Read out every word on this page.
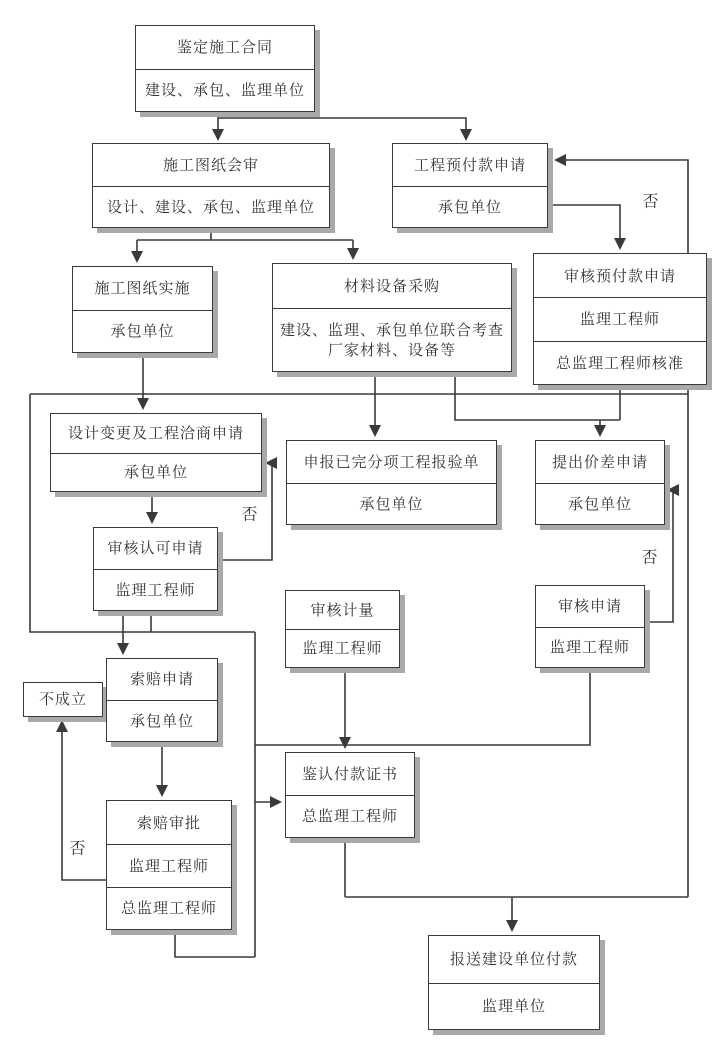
鉴定施工合同
建设、承包、监理单位
施工图纸会审
设计、建设、承包、监理单位
工程预付款申请
承包单位
审核预付款申请
监理工程师
总监理工程师核准
施工图纸实施
承包单位
材料设备采购
建设、监理、承包单位联合考查厂家材料、设备等
设计变更及工程洽商申请
承包单位
申报已完分项工程报验单
承包单位
提出价差申请
承包单位
审核认可申请
监理工程师
审核计量
监理工程师
审核申请
监理工程师
不成立
索赔申请
承包单位
鉴认付款证书
总监理工程师
索赔审批
监理工程师
总监理工程师
报送建设单位付款
监理单位
否
否
否
否
